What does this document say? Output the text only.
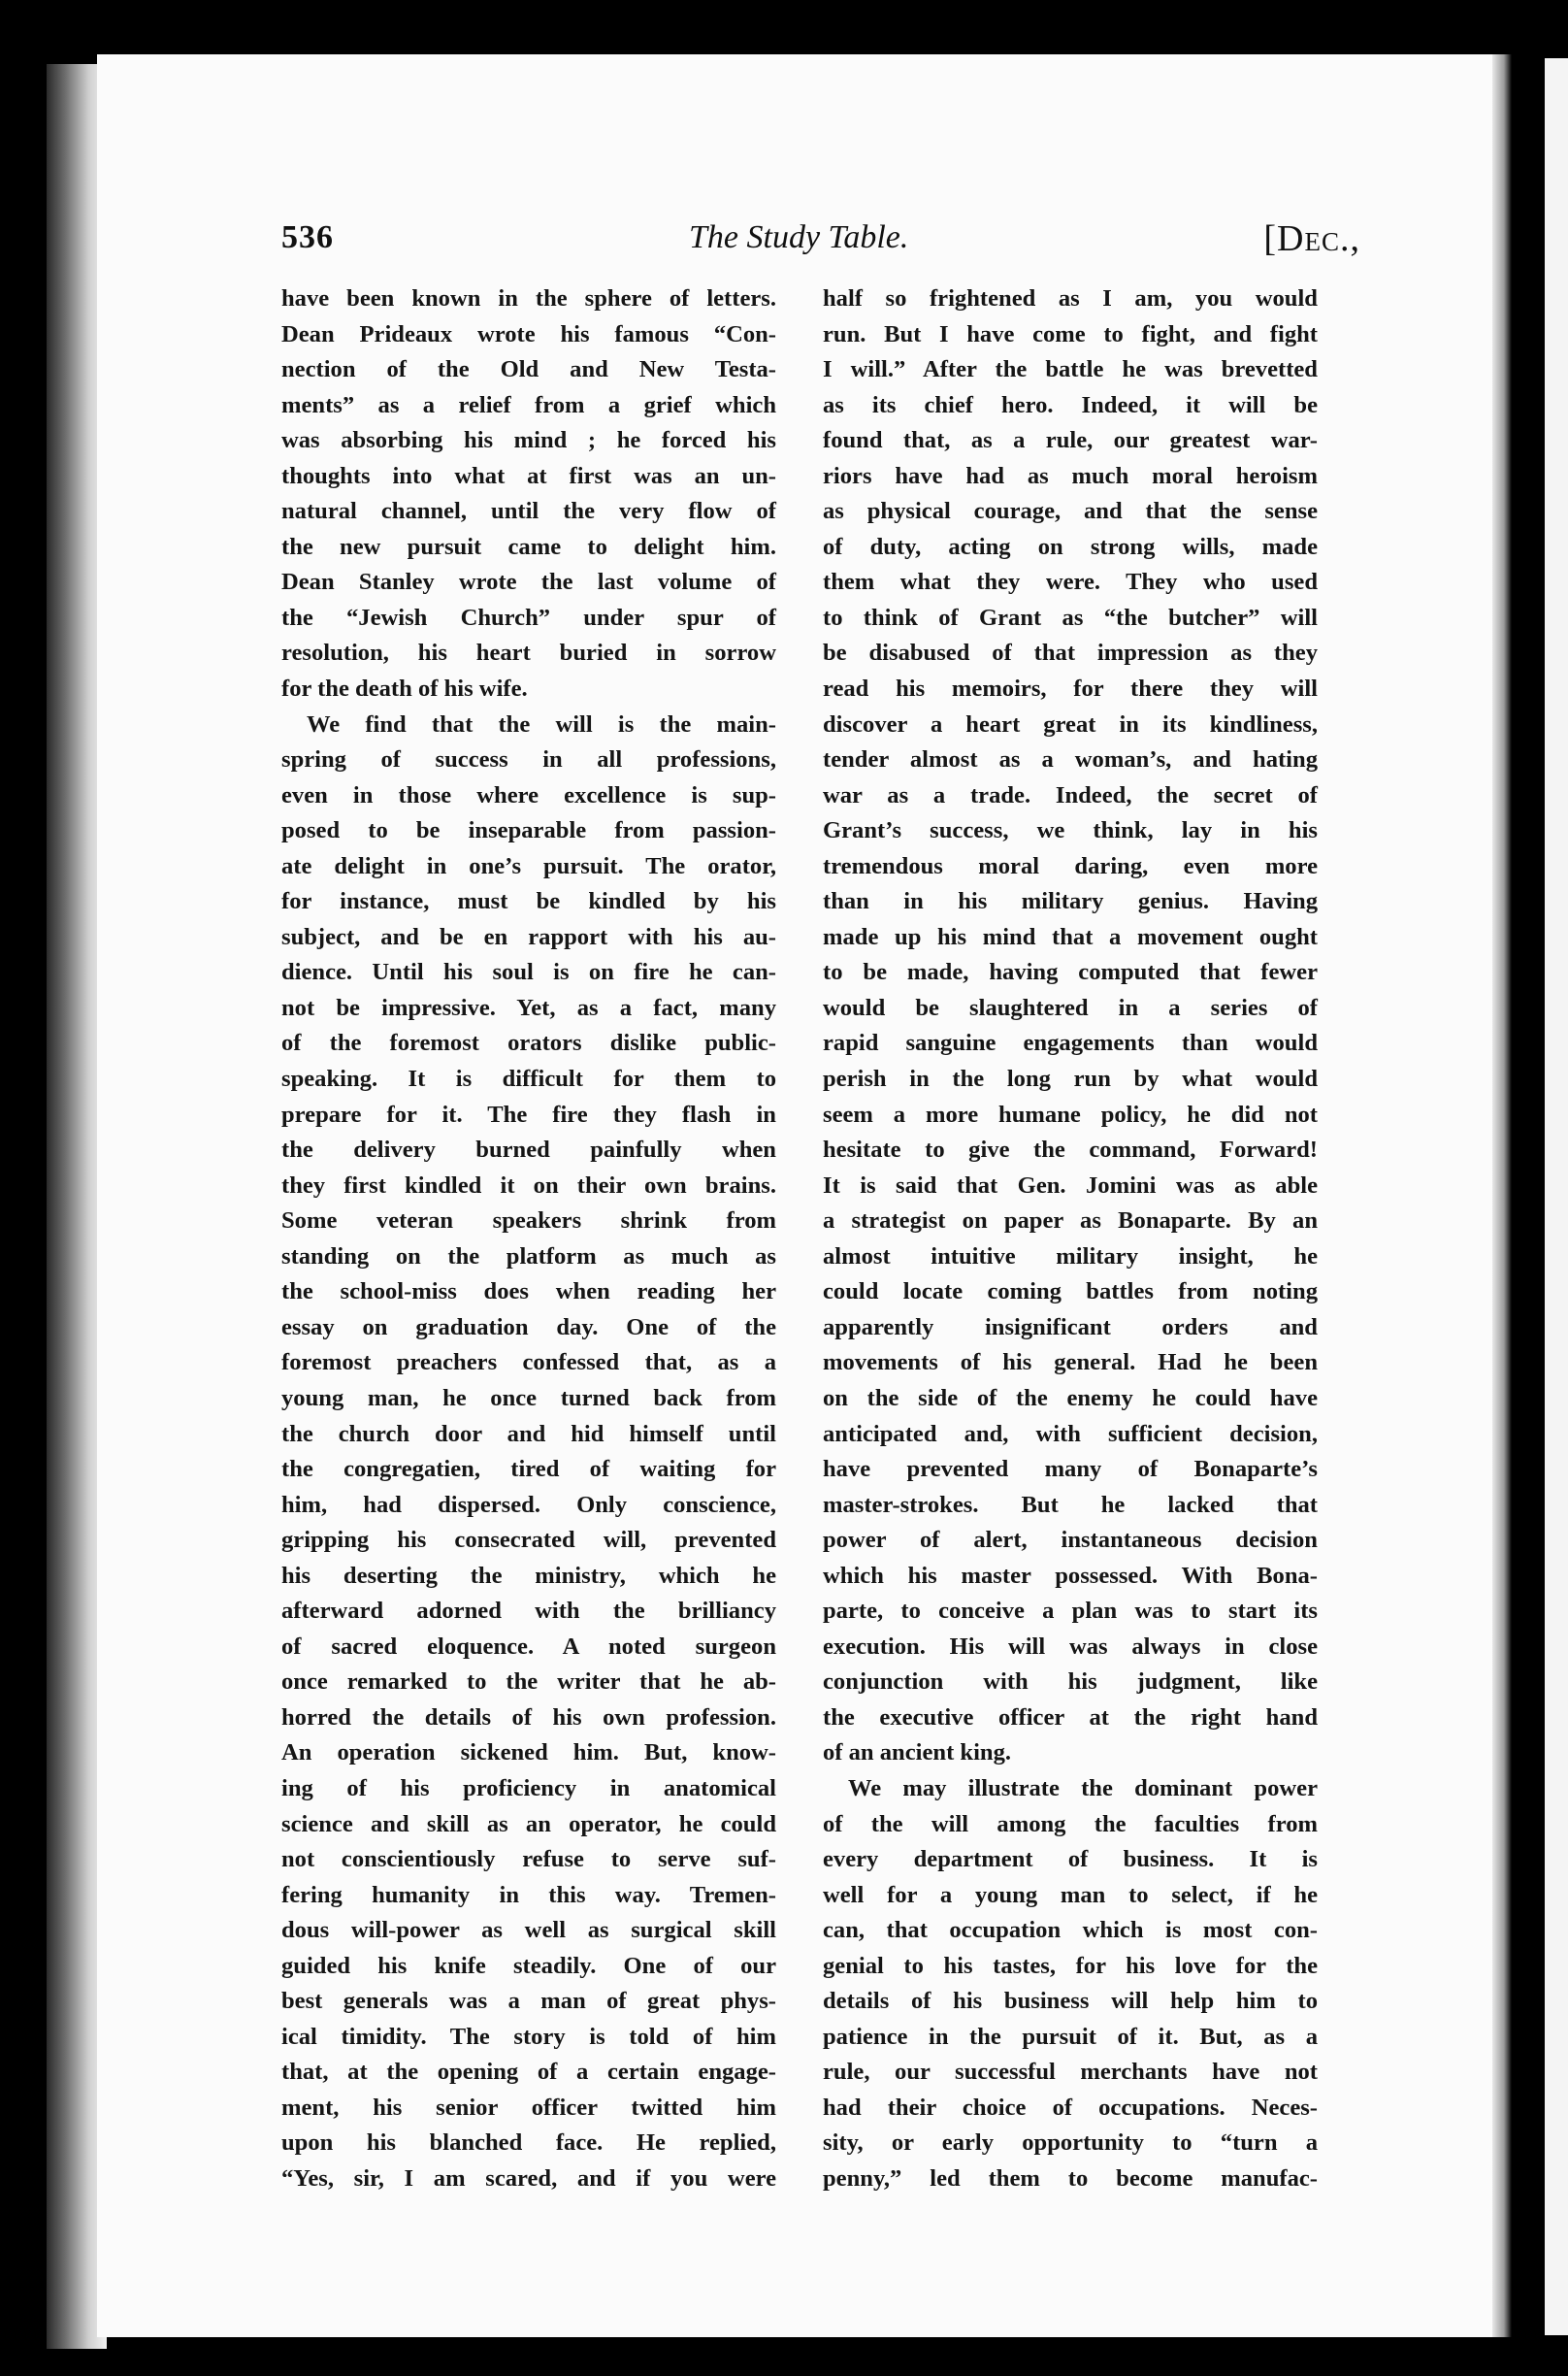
536	The Study Table.	[Dec.,
have been known in the sphere of letters.
Dean Prideaux wrote his famous “Con-
nection of the Old and New Testa-
ments” as a relief from a grief which
was absorbing his mind ; he forced his
thoughts into what at first was an un-
natural channel, until the very flow of
the new pursuit came to delight him.
Dean Stanley wrote the last volume of
the “Jewish Church” under spur of
resolution, his heart buried in sorrow
for the death of his wife.
We find that the will is the main-
spring of success in all professions,
even in those where excellence is sup-
posed to be inseparable from passion-
ate delight in one’s pursuit. The orator,
for instance, must be kindled by his
subject, and be en rapport with his au-
dience. Until his soul is on fire he can-
not be impressive. Yet, as a fact, many
of the foremost orators dislike public-
speaking. It is difficult for them to
prepare for it. The fire they flash in
the delivery burned painfully when
they first kindled it on their own brains.
Some veteran speakers shrink from
standing on the platform as much as
the school-miss does when reading her
essay on graduation day. One of the
foremost preachers confessed that, as a
young man, he once turned back from
the church door and hid himself until
the congregatien, tired of waiting for
him, had dispersed. Only conscience,
gripping his consecrated will, prevented
his deserting the ministry, which he
afterward adorned with the brilliancy
of sacred eloquence. A noted surgeon
once remarked to the writer that he ab-
horred the details of his own profession.
An operation sickened him. But, know-
ing of his proficiency in anatomical
science and skill as an operator, he could
not conscientiously refuse to serve suf-
fering humanity in this way. Tremen-
dous will-power as well as surgical skill
guided his knife steadily. One of our
best generals was a man of great phys-
ical timidity. The story is told of him
that, at the opening of a certain engage-
ment, his senior officer twitted him
upon his blanched face. He replied,
“Yes, sir, I am scared, and if you were
half so frightened as I am, you would
run. But I have come to fight, and fight
I will.” After the battle he was brevetted
as its chief hero. Indeed, it will be
found that, as a rule, our greatest war-
riors have had as much moral heroism
as physical courage, and that the sense
of duty, acting on strong wills, made
them what they were. They who used
to think of Grant as “the butcher” will
be disabused of that impression as they
read his memoirs, for there they will
discover a heart great in its kindliness,
tender almost as a woman’s, and hating
war as a trade. Indeed, the secret of
Grant’s success, we think, lay in his
tremendous moral daring, even more
than in his military genius. Having
made up his mind that a movement ought
to be made, having computed that fewer
would be slaughtered in a series of
rapid sanguine engagements than would
perish in the long run by what would
seem a more humane policy, he did not
hesitate to give the command, Forward!
It is said that Gen. Jomini was as able
a strategist on paper as Bonaparte. By an
almost intuitive military insight, he
could locate coming battles from noting
apparently insignificant orders and
movements of his general. Had he been
on the side of the enemy he could have
anticipated and, with sufficient decision,
have prevented many of Bonaparte’s
master-strokes. But he lacked that
power of alert, instantaneous decision
which his master possessed. With Bona-
parte, to conceive a plan was to start its
execution. His will was always in close
conjunction with his judgment, like
the executive officer at the right hand
of an ancient king.
We may illustrate the dominant power
of the will among the faculties from
every department of business. It is
well for a young man to select, if he
can, that occupation which is most con-
genial to his tastes, for his love for the
details of his business will help him to
patience in the pursuit of it. But, as a
rule, our successful merchants have not
had their choice of occupations. Neces-
sity, or early opportunity to “turn a
penny,” led them to become manufac-
